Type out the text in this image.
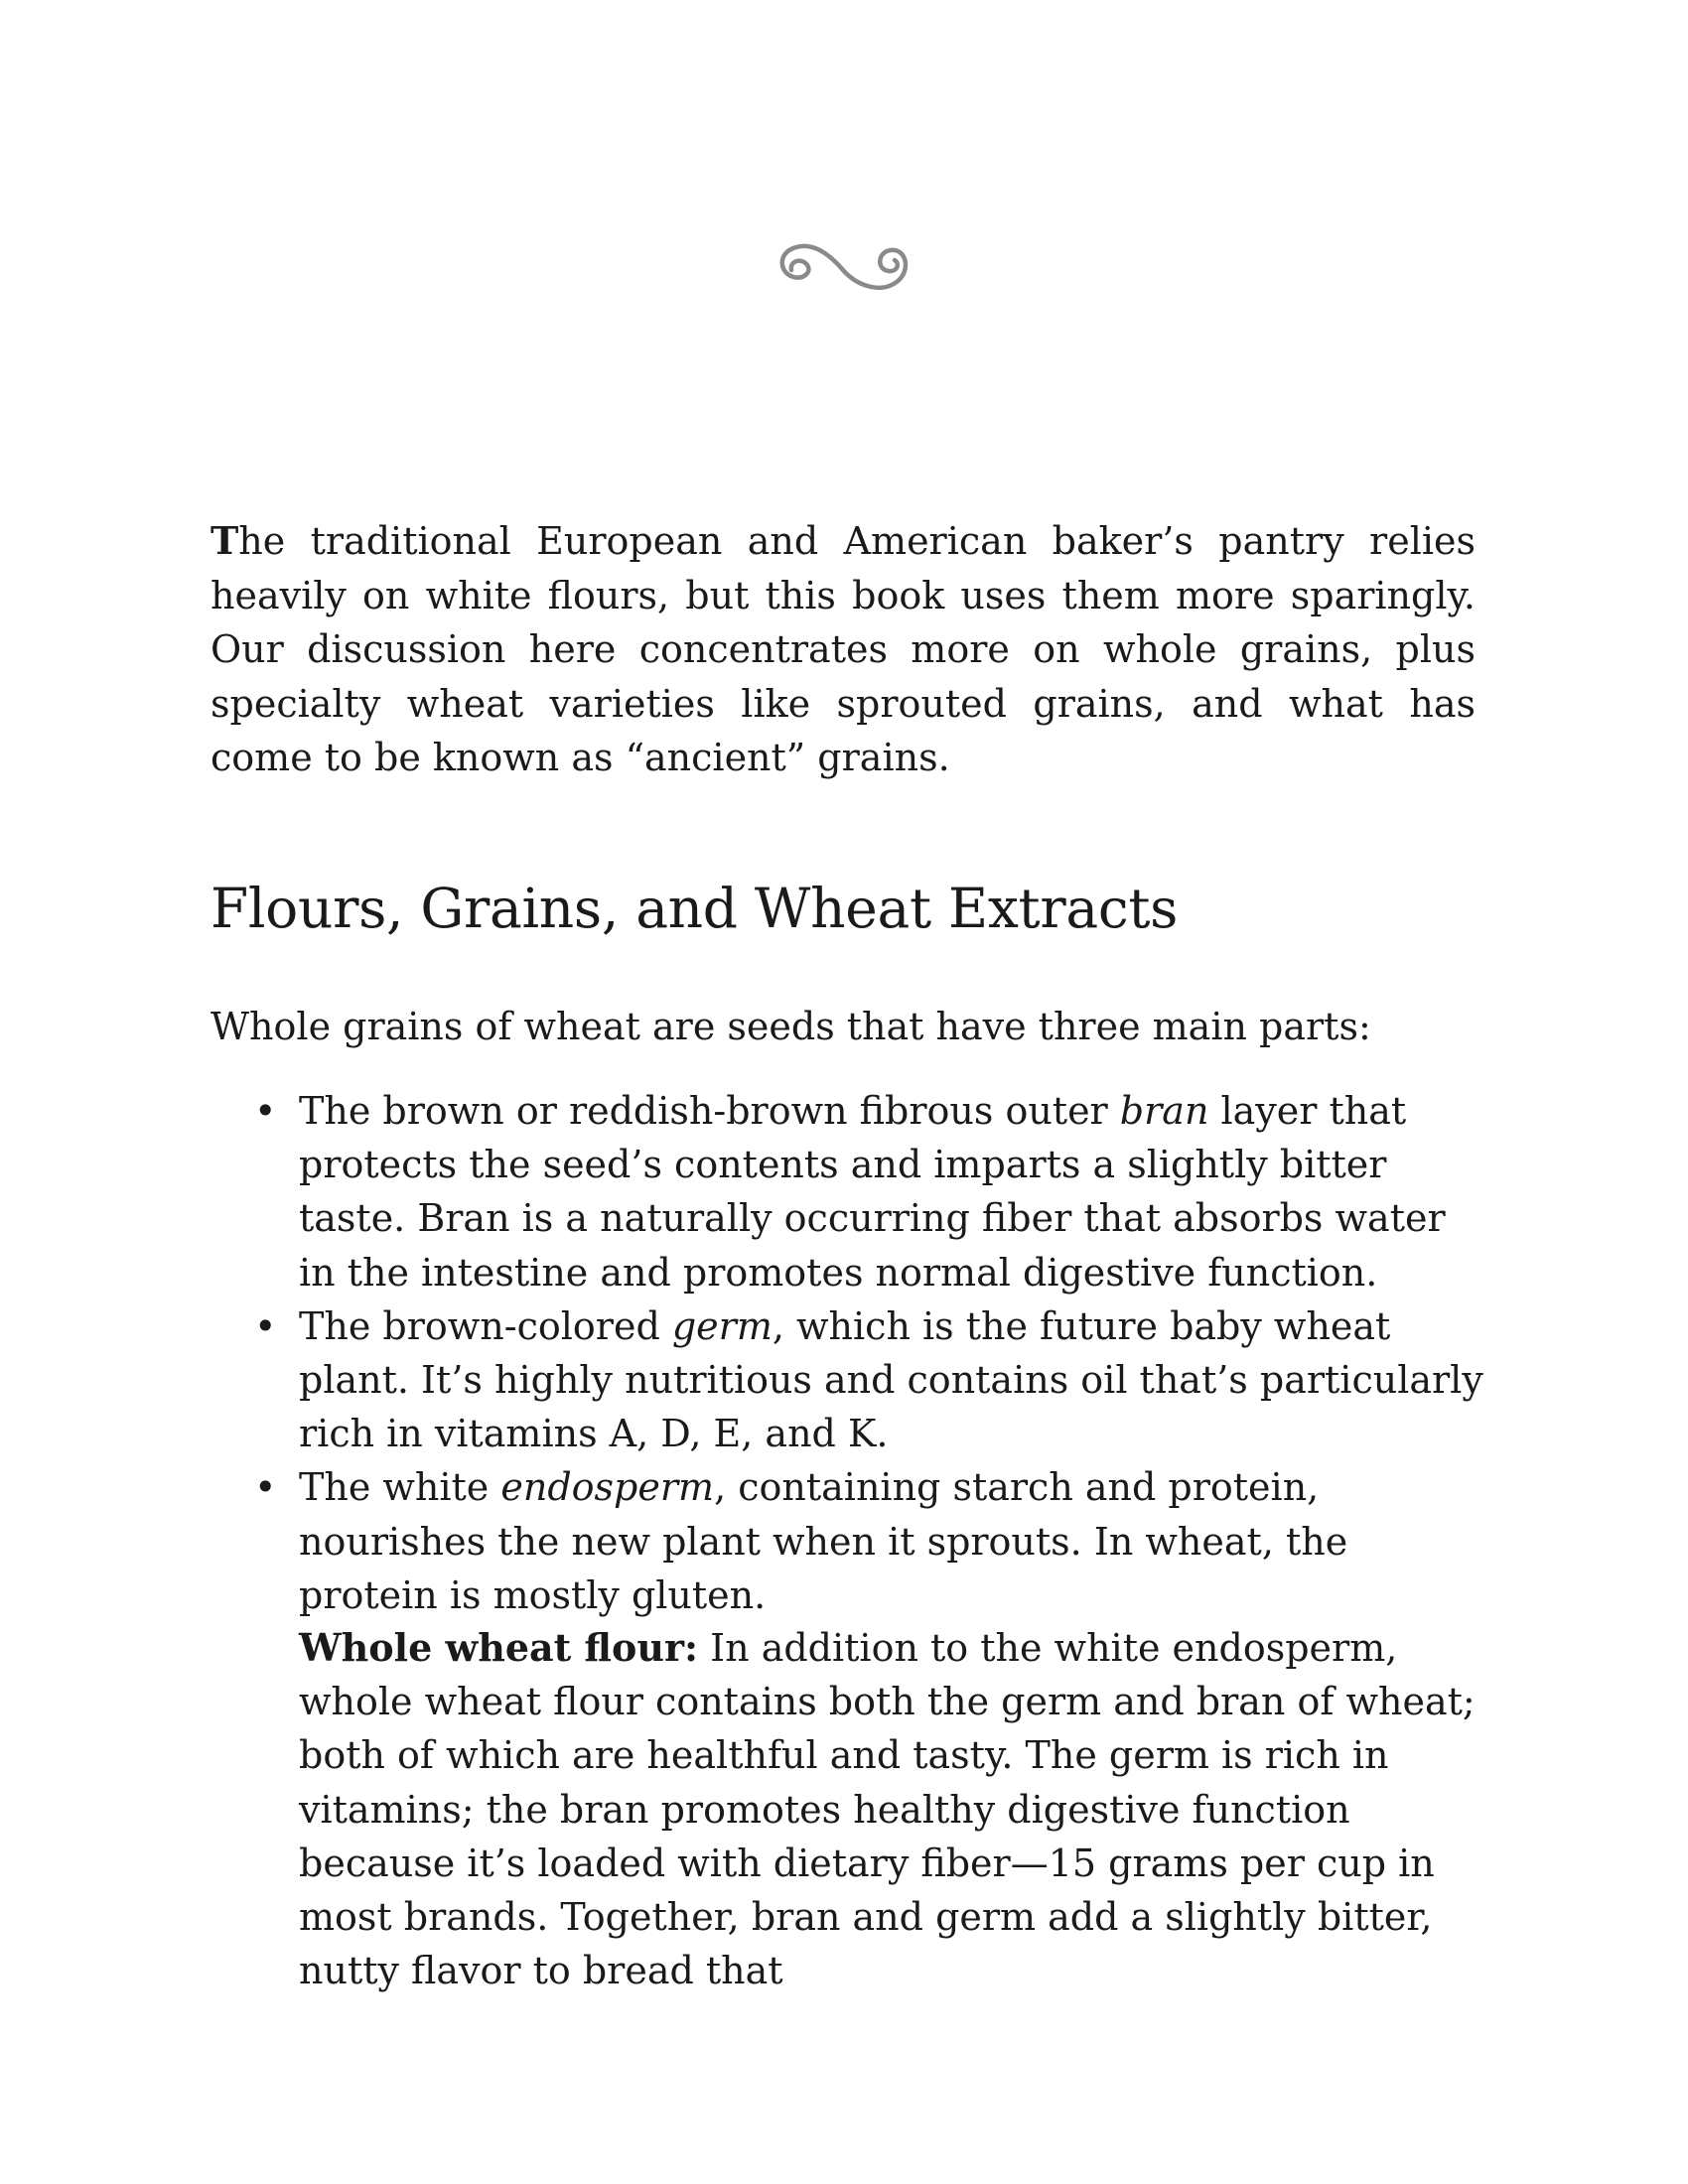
The traditional European and American baker’s pantry relies heavily on white flours, but this book uses them more sparingly. Our discussion here concentrates more on whole grains, plus specialty wheat varieties like sprouted grains, and what has come to be known as “ancient” grains.

Flours, Grains, and Wheat Extracts

Whole grains of wheat are seeds that have three main parts:

• The brown or reddish-brown fibrous outer bran layer that protects the seed’s contents and imparts a slightly bitter taste. Bran is a naturally occurring fiber that absorbs water in the intestine and promotes normal digestive function.
• The brown-colored germ, which is the future baby wheat plant. It’s highly nutritious and contains oil that’s particularly rich in vitamins A, D, E, and K.
• The white endosperm, containing starch and protein, nourishes the new plant when it sprouts. In wheat, the protein is mostly gluten.

Whole wheat flour: In addition to the white endosperm, whole wheat flour contains both the germ and bran of wheat; both of which are healthful and tasty. The germ is rich in vitamins; the bran promotes healthy digestive function because it’s loaded with dietary fiber—15 grams per cup in most brands. Together, bran and germ add a slightly bitter, nutty flavor to bread that
